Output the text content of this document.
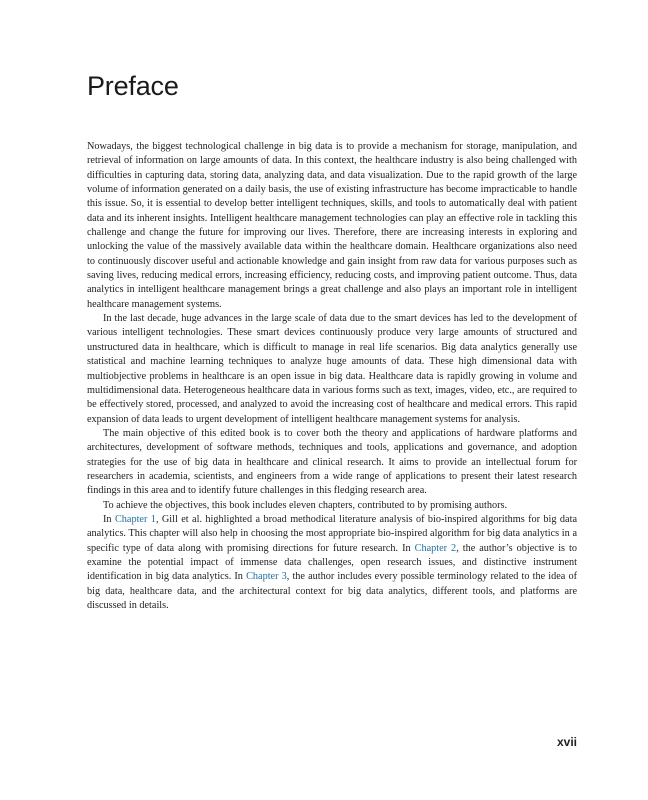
Preface

Nowadays, the biggest technological challenge in big data is to provide a mechanism for storage, manipulation, and retrieval of information on large amounts of data. In this context, the healthcare industry is also being challenged with difficulties in capturing data, storing data, analyzing data, and data visualization. Due to the rapid growth of the large volume of information generated on a daily basis, the use of existing infrastructure has become impracticable to handle this issue. So, it is essential to develop better intelligent techniques, skills, and tools to automatically deal with patient data and its inherent insights. Intelligent healthcare management technologies can play an effective role in tackling this challenge and change the future for improving our lives. Therefore, there are increasing interests in exploring and unlocking the value of the massively available data within the healthcare domain. Healthcare organizations also need to continuously discover useful and actionable knowledge and gain insight from raw data for various purposes such as saving lives, reducing medical errors, increasing efficiency, reducing costs, and improving patient outcome. Thus, data analytics in intelligent healthcare management brings a great challenge and also plays an important role in intelligent healthcare management systems.

In the last decade, huge advances in the large scale of data due to the smart devices has led to the development of various intelligent technologies. These smart devices continuously produce very large amounts of structured and unstructured data in healthcare, which is difficult to manage in real life scenarios. Big data analytics generally use statistical and machine learning techniques to analyze huge amounts of data. These high dimensional data with multiobjective problems in healthcare is an open issue in big data. Healthcare data is rapidly growing in volume and multidimensional data. Heterogeneous healthcare data in various forms such as text, images, video, etc., are required to be effectively stored, processed, and analyzed to avoid the increasing cost of healthcare and medical errors. This rapid expansion of data leads to urgent development of intelligent healthcare management systems for analysis.

The main objective of this edited book is to cover both the theory and applications of hardware platforms and architectures, development of software methods, techniques and tools, applications and governance, and adoption strategies for the use of big data in healthcare and clinical research. It aims to provide an intellectual forum for researchers in academia, scientists, and engineers from a wide range of applications to present their latest research findings in this area and to identify future challenges in this fledging research area.

To achieve the objectives, this book includes eleven chapters, contributed to by promising authors.

In Chapter 1, Gill et al. highlighted a broad methodical literature analysis of bio-inspired algorithms for big data analytics. This chapter will also help in choosing the most appropriate bio-inspired algorithm for big data analytics in a specific type of data along with promising directions for future research. In Chapter 2, the author’s objective is to examine the potential impact of immense data challenges, open research issues, and distinctive instrument identification in big data analytics. In Chapter 3, the author includes every possible terminology related to the idea of big data, healthcare data, and the architectural context for big data analytics, different tools, and platforms are discussed in details.

xvii
